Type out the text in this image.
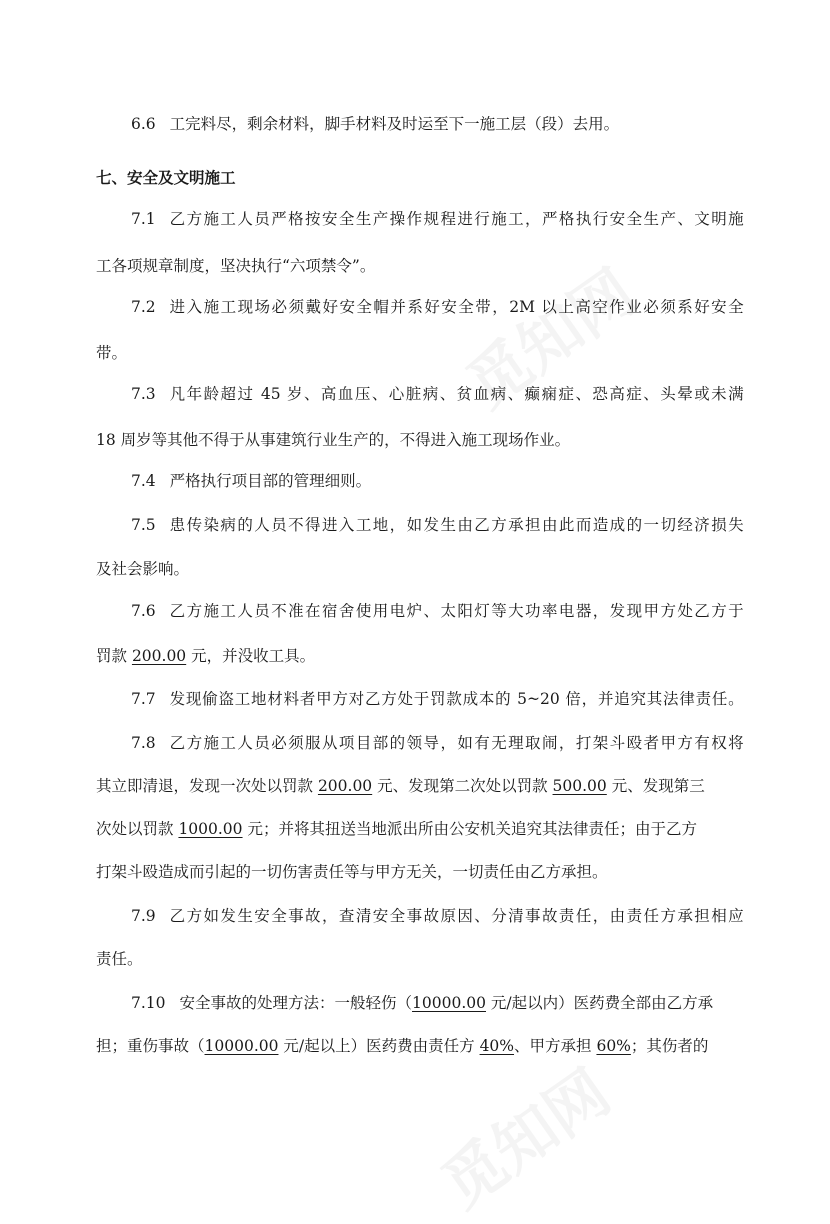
6.6 工完料尽，剩余材料，脚手材料及时运至下一施工层（段）去用。
七、安全及文明施工
7.1 乙方施工人员严格按安全生产操作规程进行施工，严格执行安全生产、文明施
工各项规章制度，坚决执行“六项禁令”。
7.2 进入施工现场必须戴好安全帽并系好安全带，2M 以上高空作业必须系好安全
带。
7.3 凡年龄超过 45 岁、高血压、心脏病、贫血病、癫痫症、恐高症、头晕或未满
18 周岁等其他不得于从事建筑行业生产的，不得进入施工现场作业。
7.4 严格执行项目部的管理细则。
7.5 患传染病的人员不得进入工地，如发生由乙方承担由此而造成的一切经济损失
及社会影响。
7.6 乙方施工人员不准在宿舍使用电炉、太阳灯等大功率电器，发现甲方处乙方于
罚款 200.00 元，并没收工具。
7.7 发现偷盗工地材料者甲方对乙方处于罚款成本的 5~20 倍，并追究其法律责任。
7.8 乙方施工人员必须服从项目部的领导，如有无理取闹，打架斗殴者甲方有权将
其立即清退，发现一次处以罚款 200.00 元、发现第二次处以罚款 500.00 元、发现第三
次处以罚款 1000.00 元；并将其扭送当地派出所由公安机关追究其法律责任；由于乙方
打架斗殴造成而引起的一切伤害责任等与甲方无关，一切责任由乙方承担。
7.9 乙方如发生安全事故，查清安全事故原因、分清事故责任，由责任方承担相应
责任。
7.10 安全事故的处理方法：一般轻伤（10000.00 元/起以内）医药费全部由乙方承
担；重伤事故（10000.00 元/起以上）医药费由责任方 40%、甲方承担 60%；其伤者的
